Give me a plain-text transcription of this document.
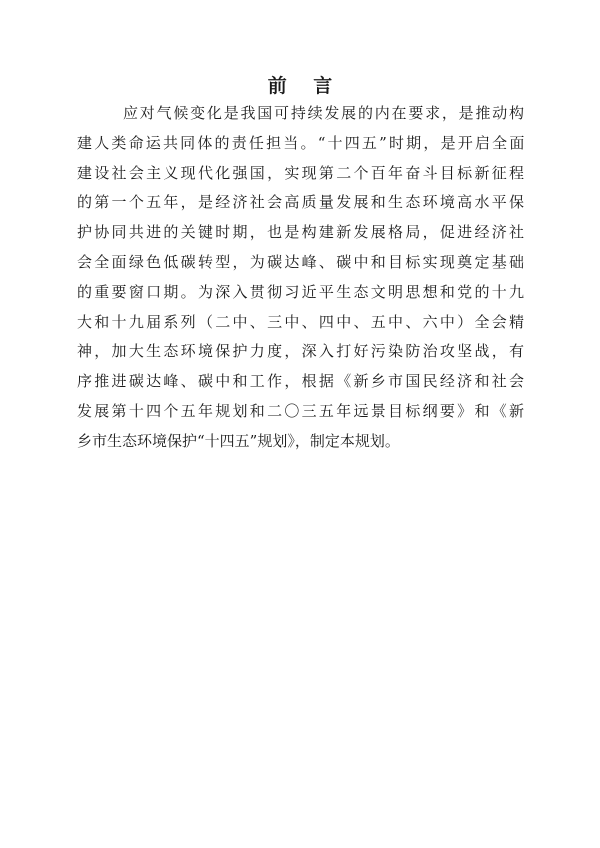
前 言
应对气候变化是我国可持续发展的内在要求，是推动构
建人类命运共同体的责任担当。“十四五”时期，是开启全面
建设社会主义现代化强国，实现第二个百年奋斗目标新征程
的第一个五年，是经济社会高质量发展和生态环境高水平保
护协同共进的关键时期，也是构建新发展格局，促进经济社
会全面绿色低碳转型，为碳达峰、碳中和目标实现奠定基础
的重要窗口期。为深入贯彻习近平生态文明思想和党的十九
大和十九届系列（二中、三中、四中、五中、六中）全会精
神，加大生态环境保护力度，深入打好污染防治攻坚战，有
序推进碳达峰、碳中和工作，根据《新乡市国民经济和社会
发展第十四个五年规划和二〇三五年远景目标纲要》和《新
乡市生态环境保护“十四五”规划》，制定本规划。
